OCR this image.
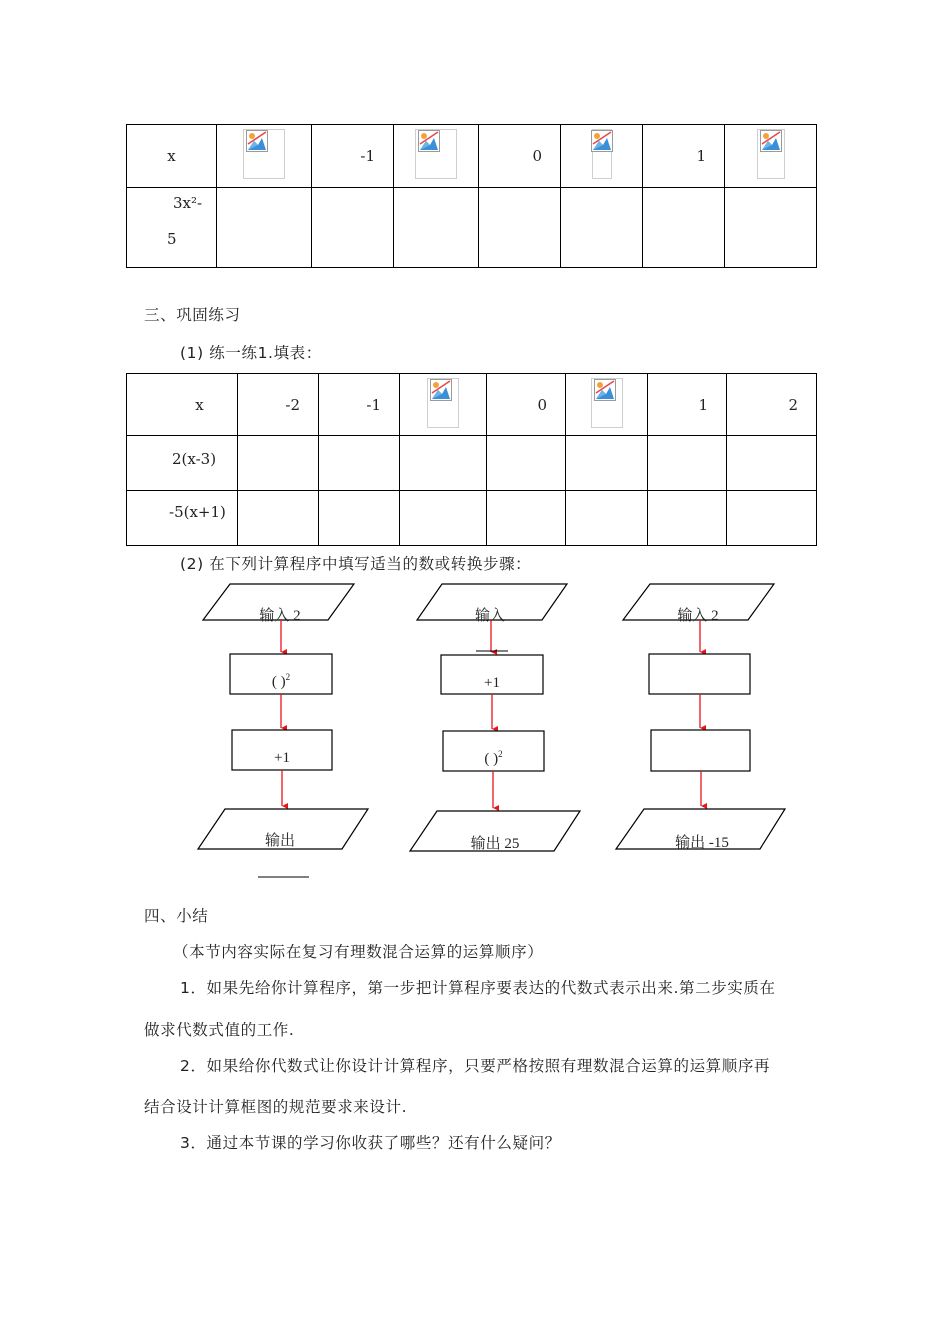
x		-1		0		1	

3x²-
5							

三、巩固练习
(1) 练一练1.填表：
x	-2	-1		0		1	2
2(x-3)							
-5(x+1)							
(2) 在下列计算程序中填写适当的数或转换步骤：
输入 2
( )$^2$
+1
输出
输入
+1
( )$^2$
输出 25
输入 2
输出 -15
四、小结
（本节内容实际在复习有理数混合运算的运算顺序）
1．如果先给你计算程序，第一步把计算程序要表达的代数式表示出来.第二步实质在
做求代数式值的工作.
2．如果给你代数式让你设计计算程序，只要严格按照有理数混合运算的运算顺序再
结合设计计算框图的规范要求来设计.
3．通过本节课的学习你收获了哪些？还有什么疑问？
